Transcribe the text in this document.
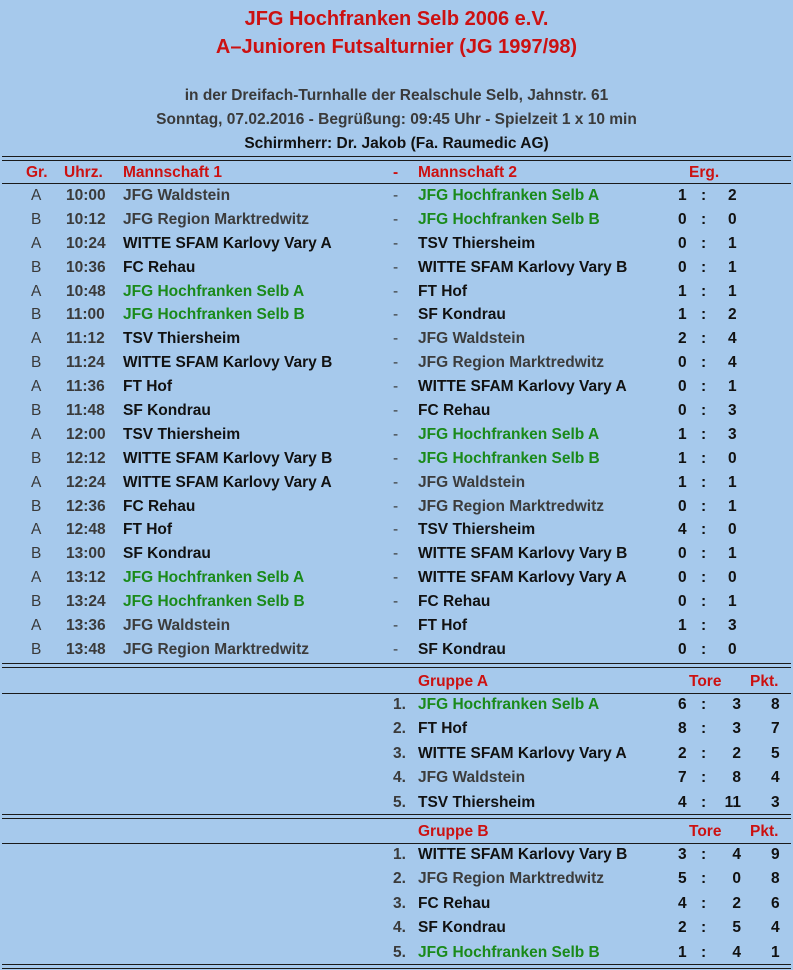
JFG Hochfranken Selb 2006 e.V.
A–Junioren Futsalturnier (JG 1997/98)
in der Dreifach-Turnhalle der Realschule Selb, Jahnstr. 61
Sonntag, 07.02.2016 - Begrüßung: 09:45 Uhr - Spielzeit 1 x 10 min
Schirmherr: Dr. Jakob (Fa. Raumedic AG)
Gr. Uhrz. Mannschaft 1	- Mannschaft 2	Erg.
A 10:00 JFG Waldstein	- JFG Hochfranken Selb A	1 : 2
B 10:12 JFG Region Marktredwitz	- JFG Hochfranken Selb B	0 : 0
A 10:24 WITTE SFAM Karlovy Vary A	- TSV Thiersheim	0 : 1
B 10:36 FC Rehau	- WITTE SFAM Karlovy Vary B	0 : 1
A 10:48 JFG Hochfranken Selb A	- FT Hof	1 : 1
B 11:00 JFG Hochfranken Selb B	- SF Kondrau	1 : 2
A 11:12 TSV Thiersheim	- JFG Waldstein	2 : 4
B 11:24 WITTE SFAM Karlovy Vary B	- JFG Region Marktredwitz	0 : 4
A 11:36 FT Hof	- WITTE SFAM Karlovy Vary A	0 : 1
B 11:48 SF Kondrau	- FC Rehau	0 : 3
A 12:00 TSV Thiersheim	- JFG Hochfranken Selb A	1 : 3
B 12:12 WITTE SFAM Karlovy Vary B	- JFG Hochfranken Selb B	1 : 0
A 12:24 WITTE SFAM Karlovy Vary A	- JFG Waldstein	1 : 1
B 12:36 FC Rehau	- JFG Region Marktredwitz	0 : 1
A 12:48 FT Hof	- TSV Thiersheim	4 : 0
B 13:00 SF Kondrau	- WITTE SFAM Karlovy Vary B	0 : 1
A 13:12 JFG Hochfranken Selb A	- WITTE SFAM Karlovy Vary A	0 : 0
B 13:24 JFG Hochfranken Selb B	- FC Rehau	0 : 1
A 13:36 JFG Waldstein	- FT Hof	1 : 3
B 13:48 JFG Region Marktredwitz	- SF Kondrau	0 : 0
Gruppe A	Tore Pkt.
1. JFG Hochfranken Selb A	6 :	3 8
2. FT Hof	8 :	3 7
3. WITTE SFAM Karlovy Vary A	2 :	2 5
4. JFG Waldstein	7 :	8 4
5. TSV Thiersheim	4 : 11 3
Gruppe B	Tore Pkt.
1. WITTE SFAM Karlovy Vary B	3 :	4 9
2. JFG Region Marktredwitz	5 :	0 8
3. FC Rehau	4 :	2 6
4. SF Kondrau	2 :	5 4
5. JFG Hochfranken Selb B	1 :	4 1
